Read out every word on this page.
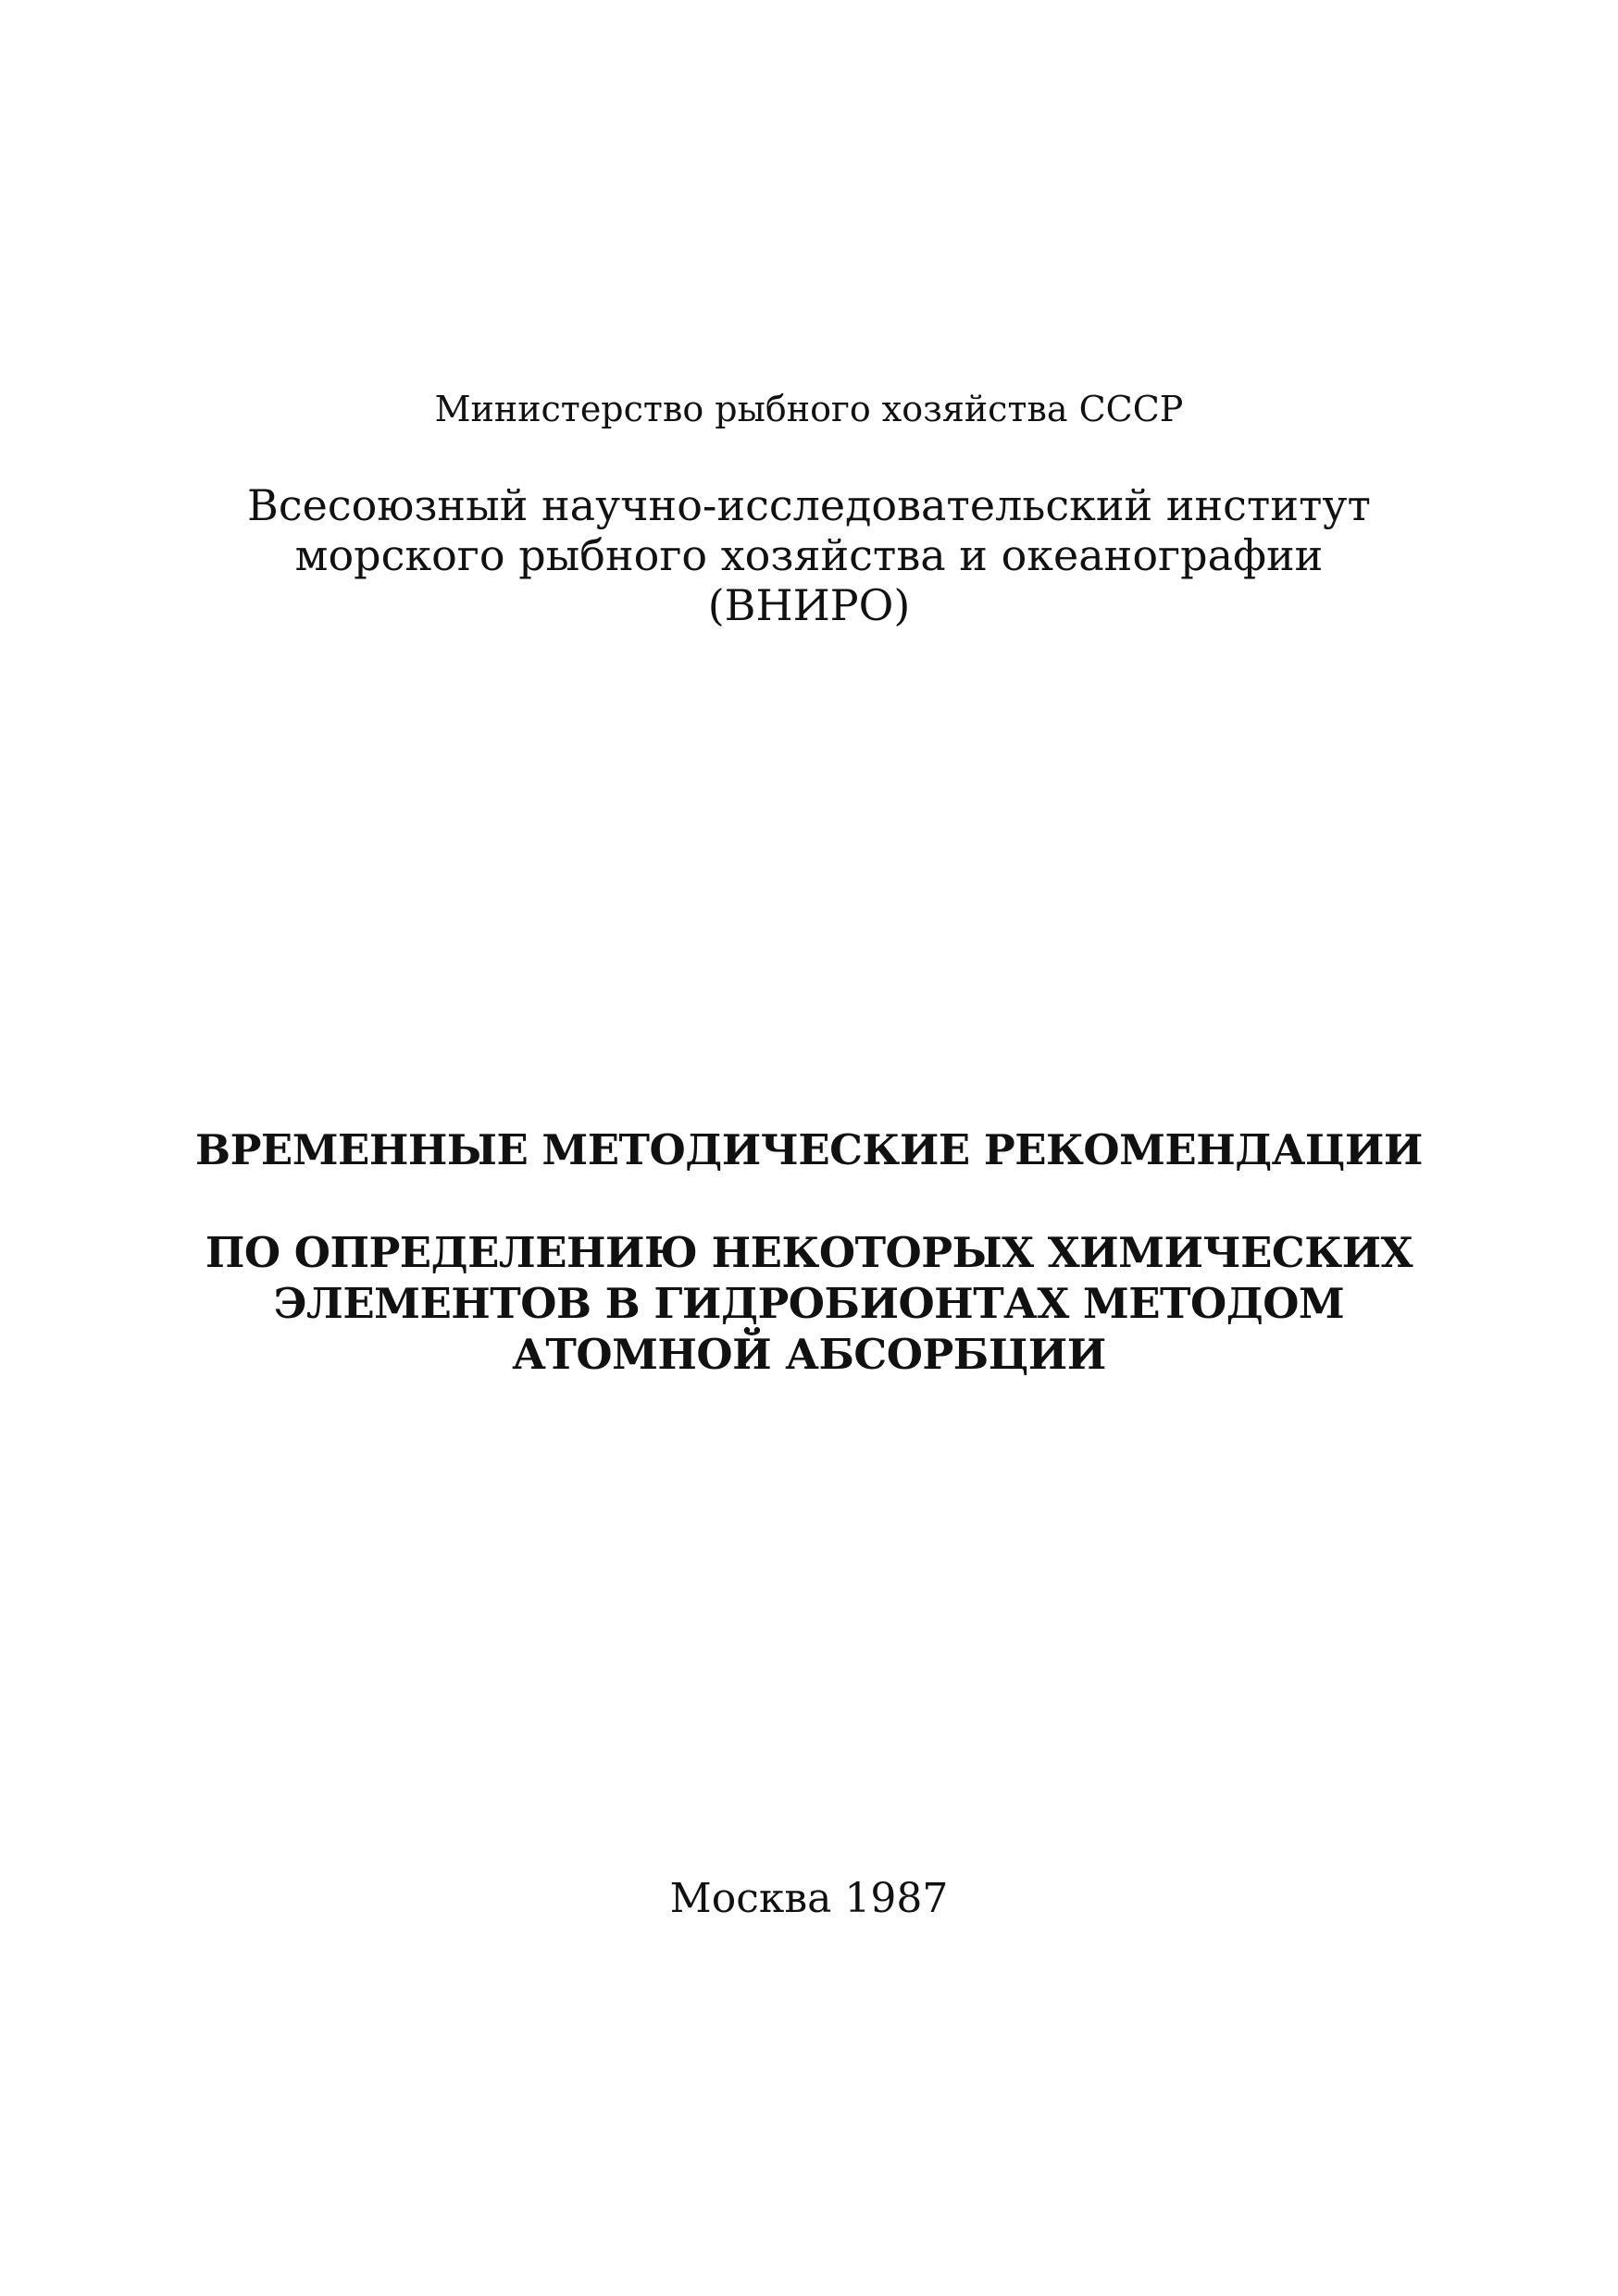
Министерство рыбного хозяйства СССР
Всесоюзный научно-исследовательский институт
морского рыбного хозяйства и океанографии
(ВНИРО)
ВРЕМЕННЫЕ МЕТОДИЧЕСКИЕ РЕКОМЕНДАЦИИ
ПО ОПРЕДЕЛЕНИЮ НЕКОТОРЫХ ХИМИЧЕСКИХ
ЭЛЕМЕНТОВ В ГИДРОБИОНТАХ МЕТОДОМ
АТОМНОЙ АБСОРБЦИИ
Москва 1987
